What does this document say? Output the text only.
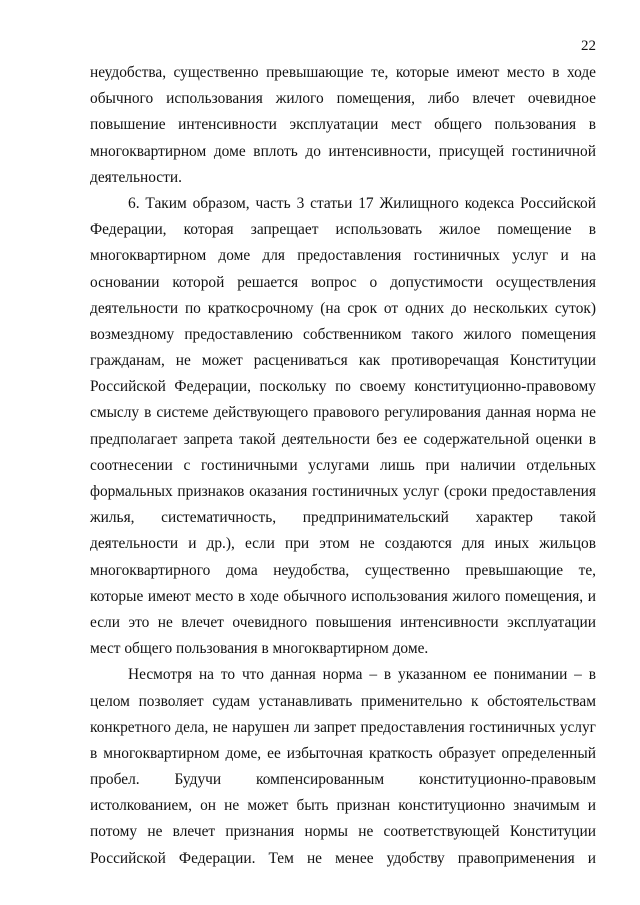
22
неудобства, существенно превышающие те, которые имеют место в ходе
обычного использования жилого помещения, либо влечет очевидное
повышение интенсивности эксплуатации мест общего пользования в
многоквартирном доме вплоть до интенсивности, присущей гостиничной
деятельности.
6. Таким образом, часть 3 статьи 17 Жилищного кодекса Российской
Федерации, которая запрещает использовать жилое помещение в
многоквартирном доме для предоставления гостиничных услуг и на
основании которой решается вопрос о допустимости осуществления
деятельности по краткосрочному (на срок от одних до нескольких суток)
возмездному предоставлению собственником такого жилого помещения
гражданам, не может расцениваться как противоречащая Конституции
Российской Федерации, поскольку по своему конституционно-правовому
смыслу в системе действующего правового регулирования данная норма не
предполагает запрета такой деятельности без ее содержательной оценки в
соотнесении с гостиничными услугами лишь при наличии отдельных
формальных признаков оказания гостиничных услуг (сроки предоставления
жилья, систематичность, предпринимательский характер такой
деятельности и др.), если при этом не создаются для иных жильцов
многоквартирного дома неудобства, существенно превышающие те,
которые имеют место в ходе обычного использования жилого помещения, и
если это не влечет очевидного повышения интенсивности эксплуатации
мест общего пользования в многоквартирном доме.
Несмотря на то что данная норма – в указанном ее понимании – в
целом позволяет судам устанавливать применительно к обстоятельствам
конкретного дела, не нарушен ли запрет предоставления гостиничных услуг
в многоквартирном доме, ее избыточная краткость образует определенный
пробел. Будучи компенсированным конституционно-правовым
истолкованием, он не может быть признан конституционно значимым и
потому не влечет признания нормы не соответствующей Конституции
Российской Федерации. Тем не менее удобству правоприменения и
